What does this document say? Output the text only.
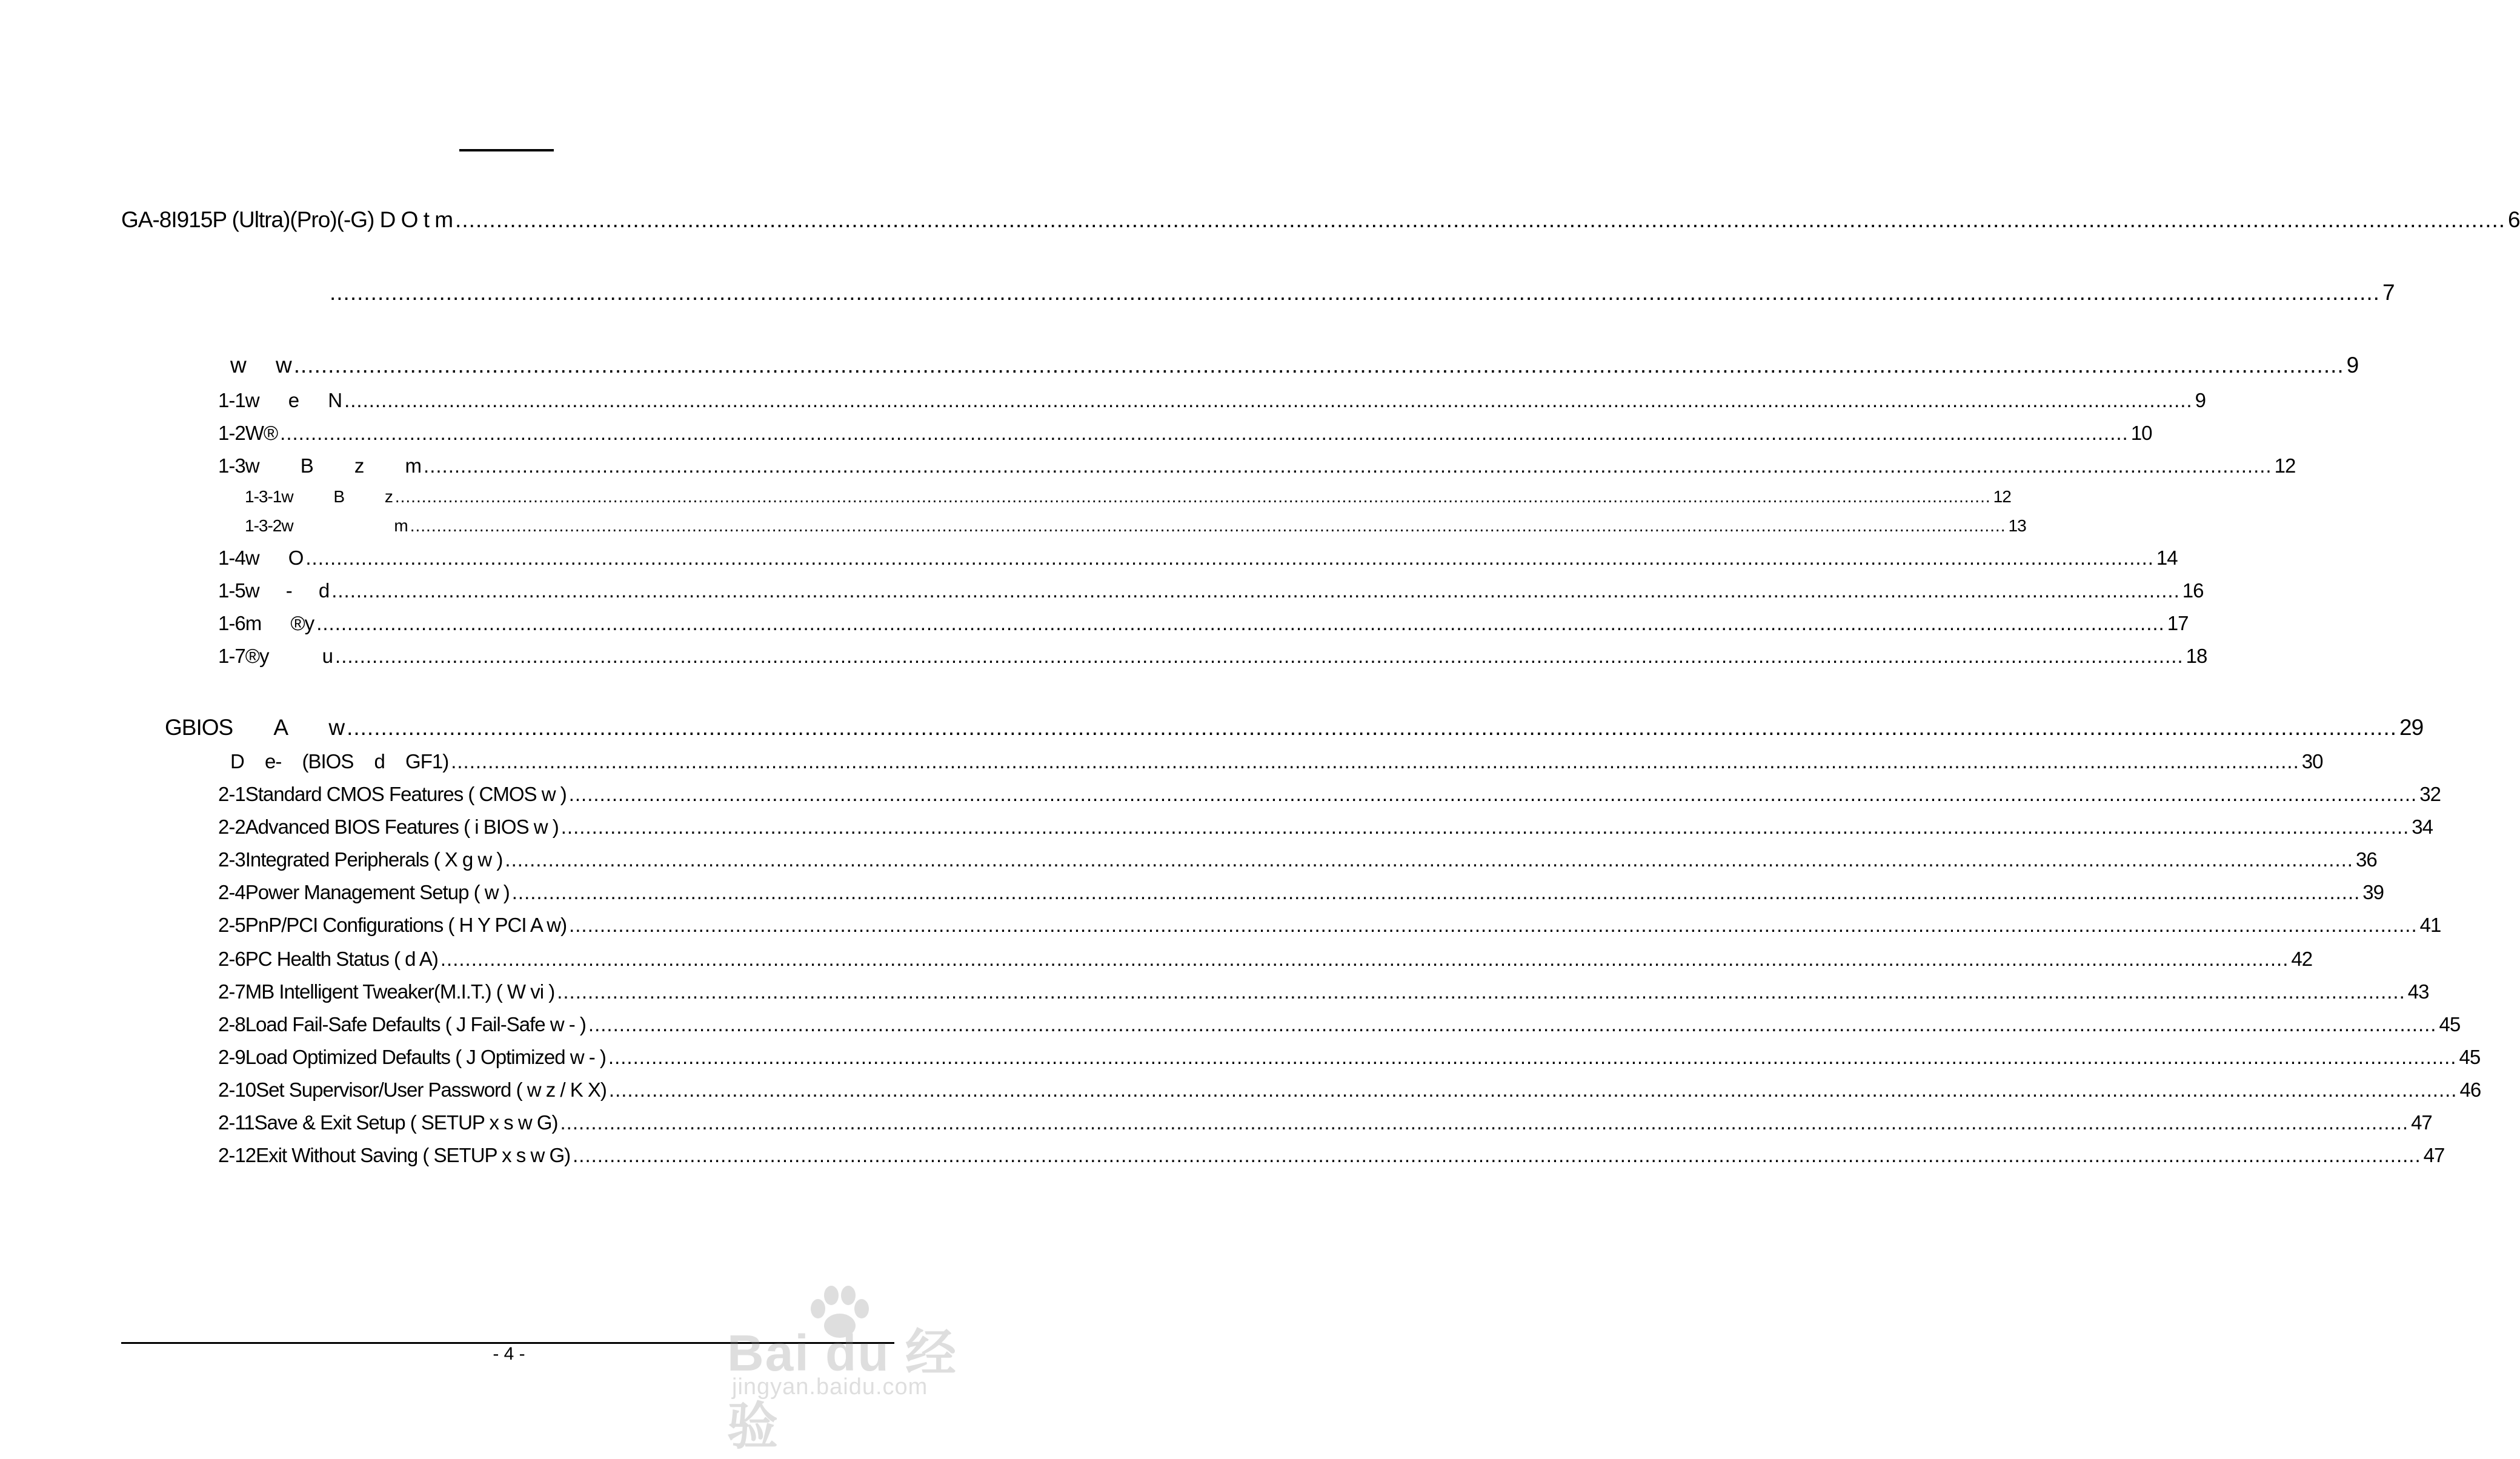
GA-8I915P (Ultra)(Pro)(-G) D O t m ............................................................................................................................................................................................................................................................................................................ 6
............................................................................................................................................................................................................................................................................................................ 7
w w ............................................................................................................................................................................................................................................................................................................ 9
1-1 w e N ............................................................................................................................................................................................................................................................................................................ 9
1-2 W® ............................................................................................................................................................................................................................................................................................................ 10
1-3 w B z m ............................................................................................................................................................................................................................................................................................................ 12
1-3-1 w B z ............................................................................................................................................................................................................................................................................................................ 12
1-3-2 w m ............................................................................................................................................................................................................................................................................................................ 13
1-4 w O ............................................................................................................................................................................................................................................................................................................ 14
1-5 w - d ............................................................................................................................................................................................................................................................................................................ 16
1-6 m ®y ............................................................................................................................................................................................................................................................................................................ 17
1-7 ®y u ............................................................................................................................................................................................................................................................................................................ 18
G BIOS A w ............................................................................................................................................................................................................................................................................................................ 29
D e- (BIOS d GF1) ............................................................................................................................................................................................................................................................................................................ 30
2-1 Standard CMOS Features ( CMOS w ) ............................................................................................................................................................................................................................................................................................................ 32
2-2 Advanced BIOS Features ( i BIOS w ) ............................................................................................................................................................................................................................................................................................................ 34
2-3 Integrated Peripherals ( X g w ) ............................................................................................................................................................................................................................................................................................................ 36
2-4 Power Management Setup ( w ) ............................................................................................................................................................................................................................................................................................................ 39
2-5 PnP/PCI Configurations ( H Y PCI A w) ............................................................................................................................................................................................................................................................................................................ 41
2-6 PC Health Status ( d A) ............................................................................................................................................................................................................................................................................................................ 42
2-7 MB Intelligent Tweaker(M.I.T.) ( W vi ) ............................................................................................................................................................................................................................................................................................................ 43
2-8 Load Fail-Safe Defaults ( J Fail-Safe w - ) ............................................................................................................................................................................................................................................................................................................ 45
2-9 Load Optimized Defaults ( J Optimized w - ) ............................................................................................................................................................................................................................................................................................................ 45
2-10 Set Supervisor/User Password ( w z / K X) ............................................................................................................................................................................................................................................................................................................ 46
2-11 Save & Exit Setup ( SETUP x s w G) ............................................................................................................................................................................................................................................................................................................ 47
2-12 Exit Without Saving ( SETUP x s w G) ............................................................................................................................................................................................................................................................................................................ 47
- 4 -	Bai du 经验
jingyan.baidu.com
